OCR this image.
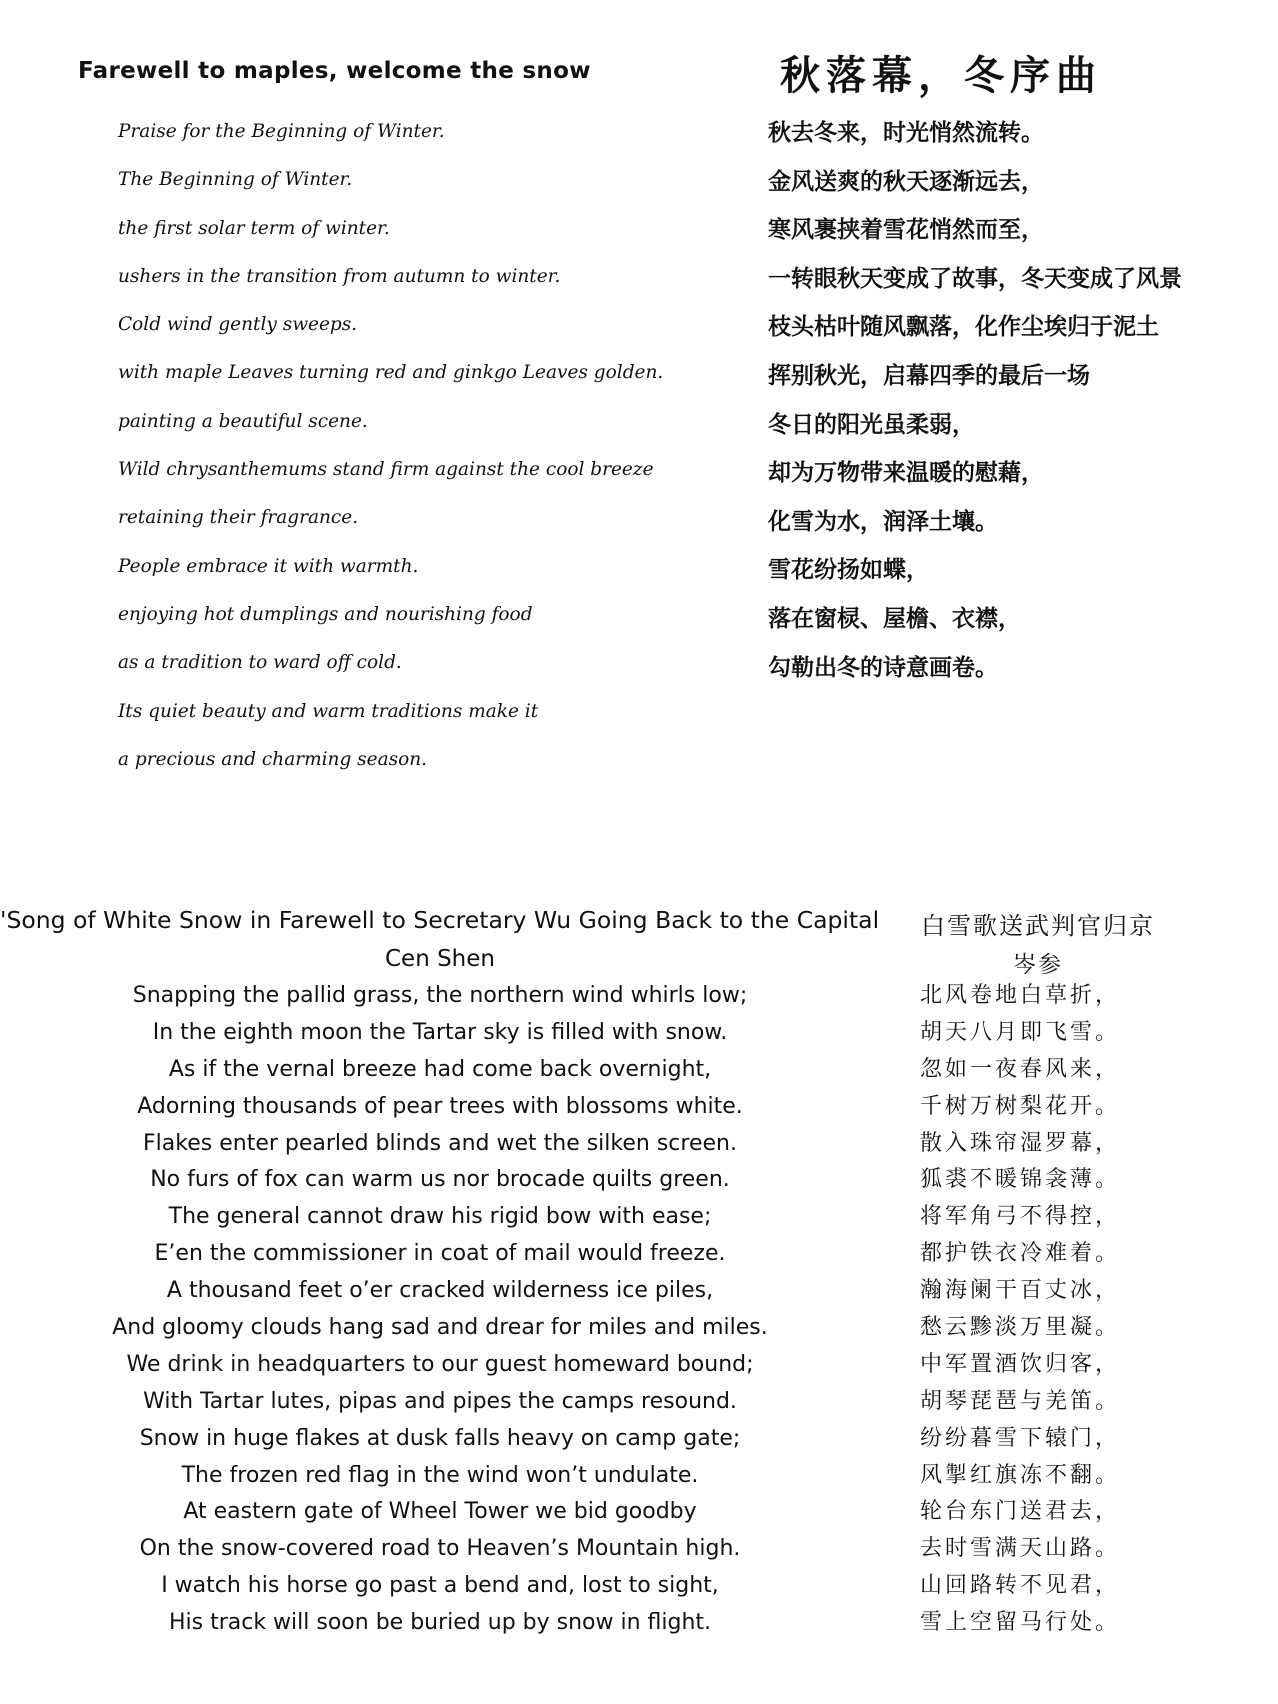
Farewell to maples, welcome the snow
Praise for the Beginning of Winter.
The Beginning of Winter.
the first solar term of winter.
ushers in the transition from autumn to winter.
Cold wind gently sweeps.
with maple Leaves turning red and ginkgo Leaves golden.
painting a beautiful scene.
Wild chrysanthemums stand firm against the cool breeze
retaining their fragrance.
People embrace it with warmth.
enjoying hot dumplings and nourishing food
as a tradition to ward off cold.
Its quiet beauty and warm traditions make it
a precious and charming season.
秋落幕，冬序曲
秋去冬来，时光悄然流转。
金风送爽的秋天逐渐远去，
寒风裹挟着雪花悄然而至，
一转眼秋天变成了故事，冬天变成了风景
枝头枯叶随风飘落，化作尘埃归于泥土
挥别秋光，启幕四季的最后一场
冬日的阳光虽柔弱，
却为万物带来温暖的慰藉，
化雪为水，润泽土壤。
雪花纷扬如蝶，
落在窗棂、屋檐、衣襟，
勾勒出冬的诗意画卷。
'Song of White Snow in Farewell to Secretary Wu Going Back to the Capital
Cen Shen
Snapping the pallid grass, the northern wind whirls low;
In the eighth moon the Tartar sky is filled with snow.
As if the vernal breeze had come back overnight,
Adorning thousands of pear trees with blossoms white.
Flakes enter pearled blinds and wet the silken screen.
No furs of fox can warm us nor brocade quilts green.
The general cannot draw his rigid bow with ease;
E’en the commissioner in coat of mail would freeze.
A thousand feet o’er cracked wilderness ice piles,
And gloomy clouds hang sad and drear for miles and miles.
We drink in headquarters to our guest homeward bound;
With Tartar lutes, pipas and pipes the camps resound.
Snow in huge flakes at dusk falls heavy on camp gate;
The frozen red flag in the wind won’t undulate.
At eastern gate of Wheel Tower we bid goodby
On the snow-covered road to Heaven’s Mountain high.
I watch his horse go past a bend and, lost to sight,
His track will soon be buried up by snow in flight.
白雪歌送武判官归京
岑参
北风卷地白草折，
胡天八月即飞雪。
忽如一夜春风来，
千树万树梨花开。
散入珠帘湿罗幕，
狐裘不暖锦衾薄。
将军角弓不得控，
都护铁衣冷难着。
瀚海阑干百丈冰，
愁云黪淡万里凝。
中军置酒饮归客，
胡琴琵琶与羌笛。
纷纷暮雪下辕门，
风掣红旗冻不翻。
轮台东门送君去，
去时雪满天山路。
山回路转不见君，
雪上空留马行处。
